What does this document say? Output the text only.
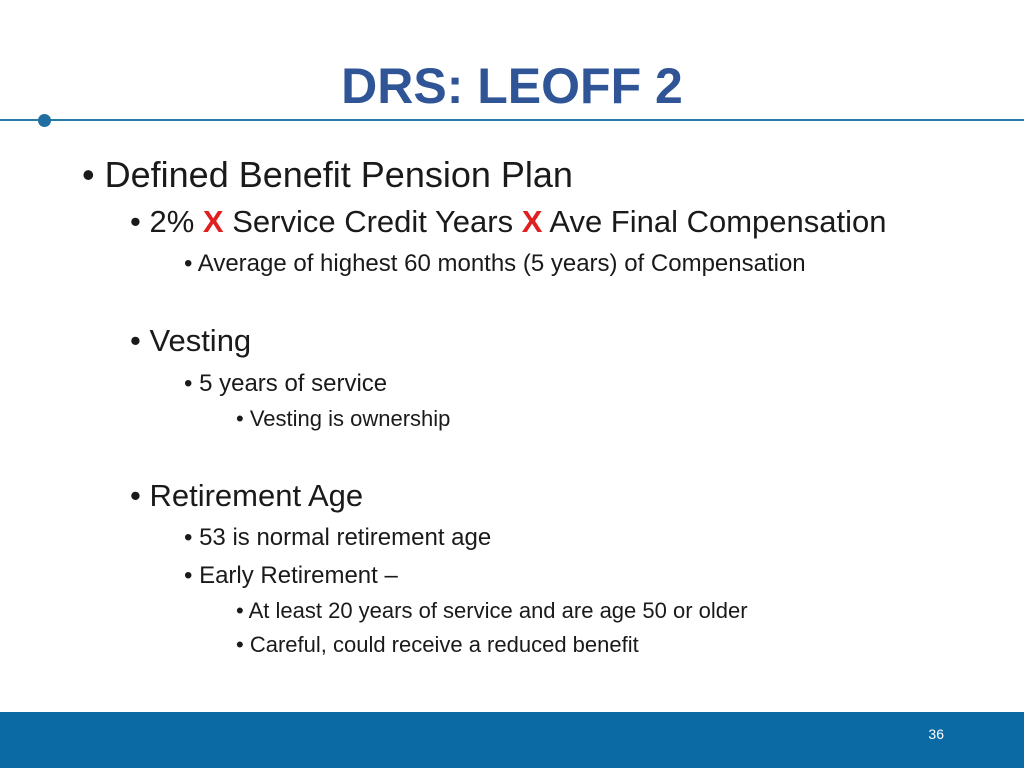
DRS: LEOFF 2
• Defined Benefit Pension Plan
• 2% X Service Credit Years X Ave Final Compensation
• Average of highest 60 months (5 years) of Compensation
• Vesting
• 5 years of service
• Vesting is ownership
• Retirement Age
• 53 is normal retirement age
• Early Retirement –
• At least 20 years of service and are age 50 or older
• Careful, could receive a reduced benefit
36
